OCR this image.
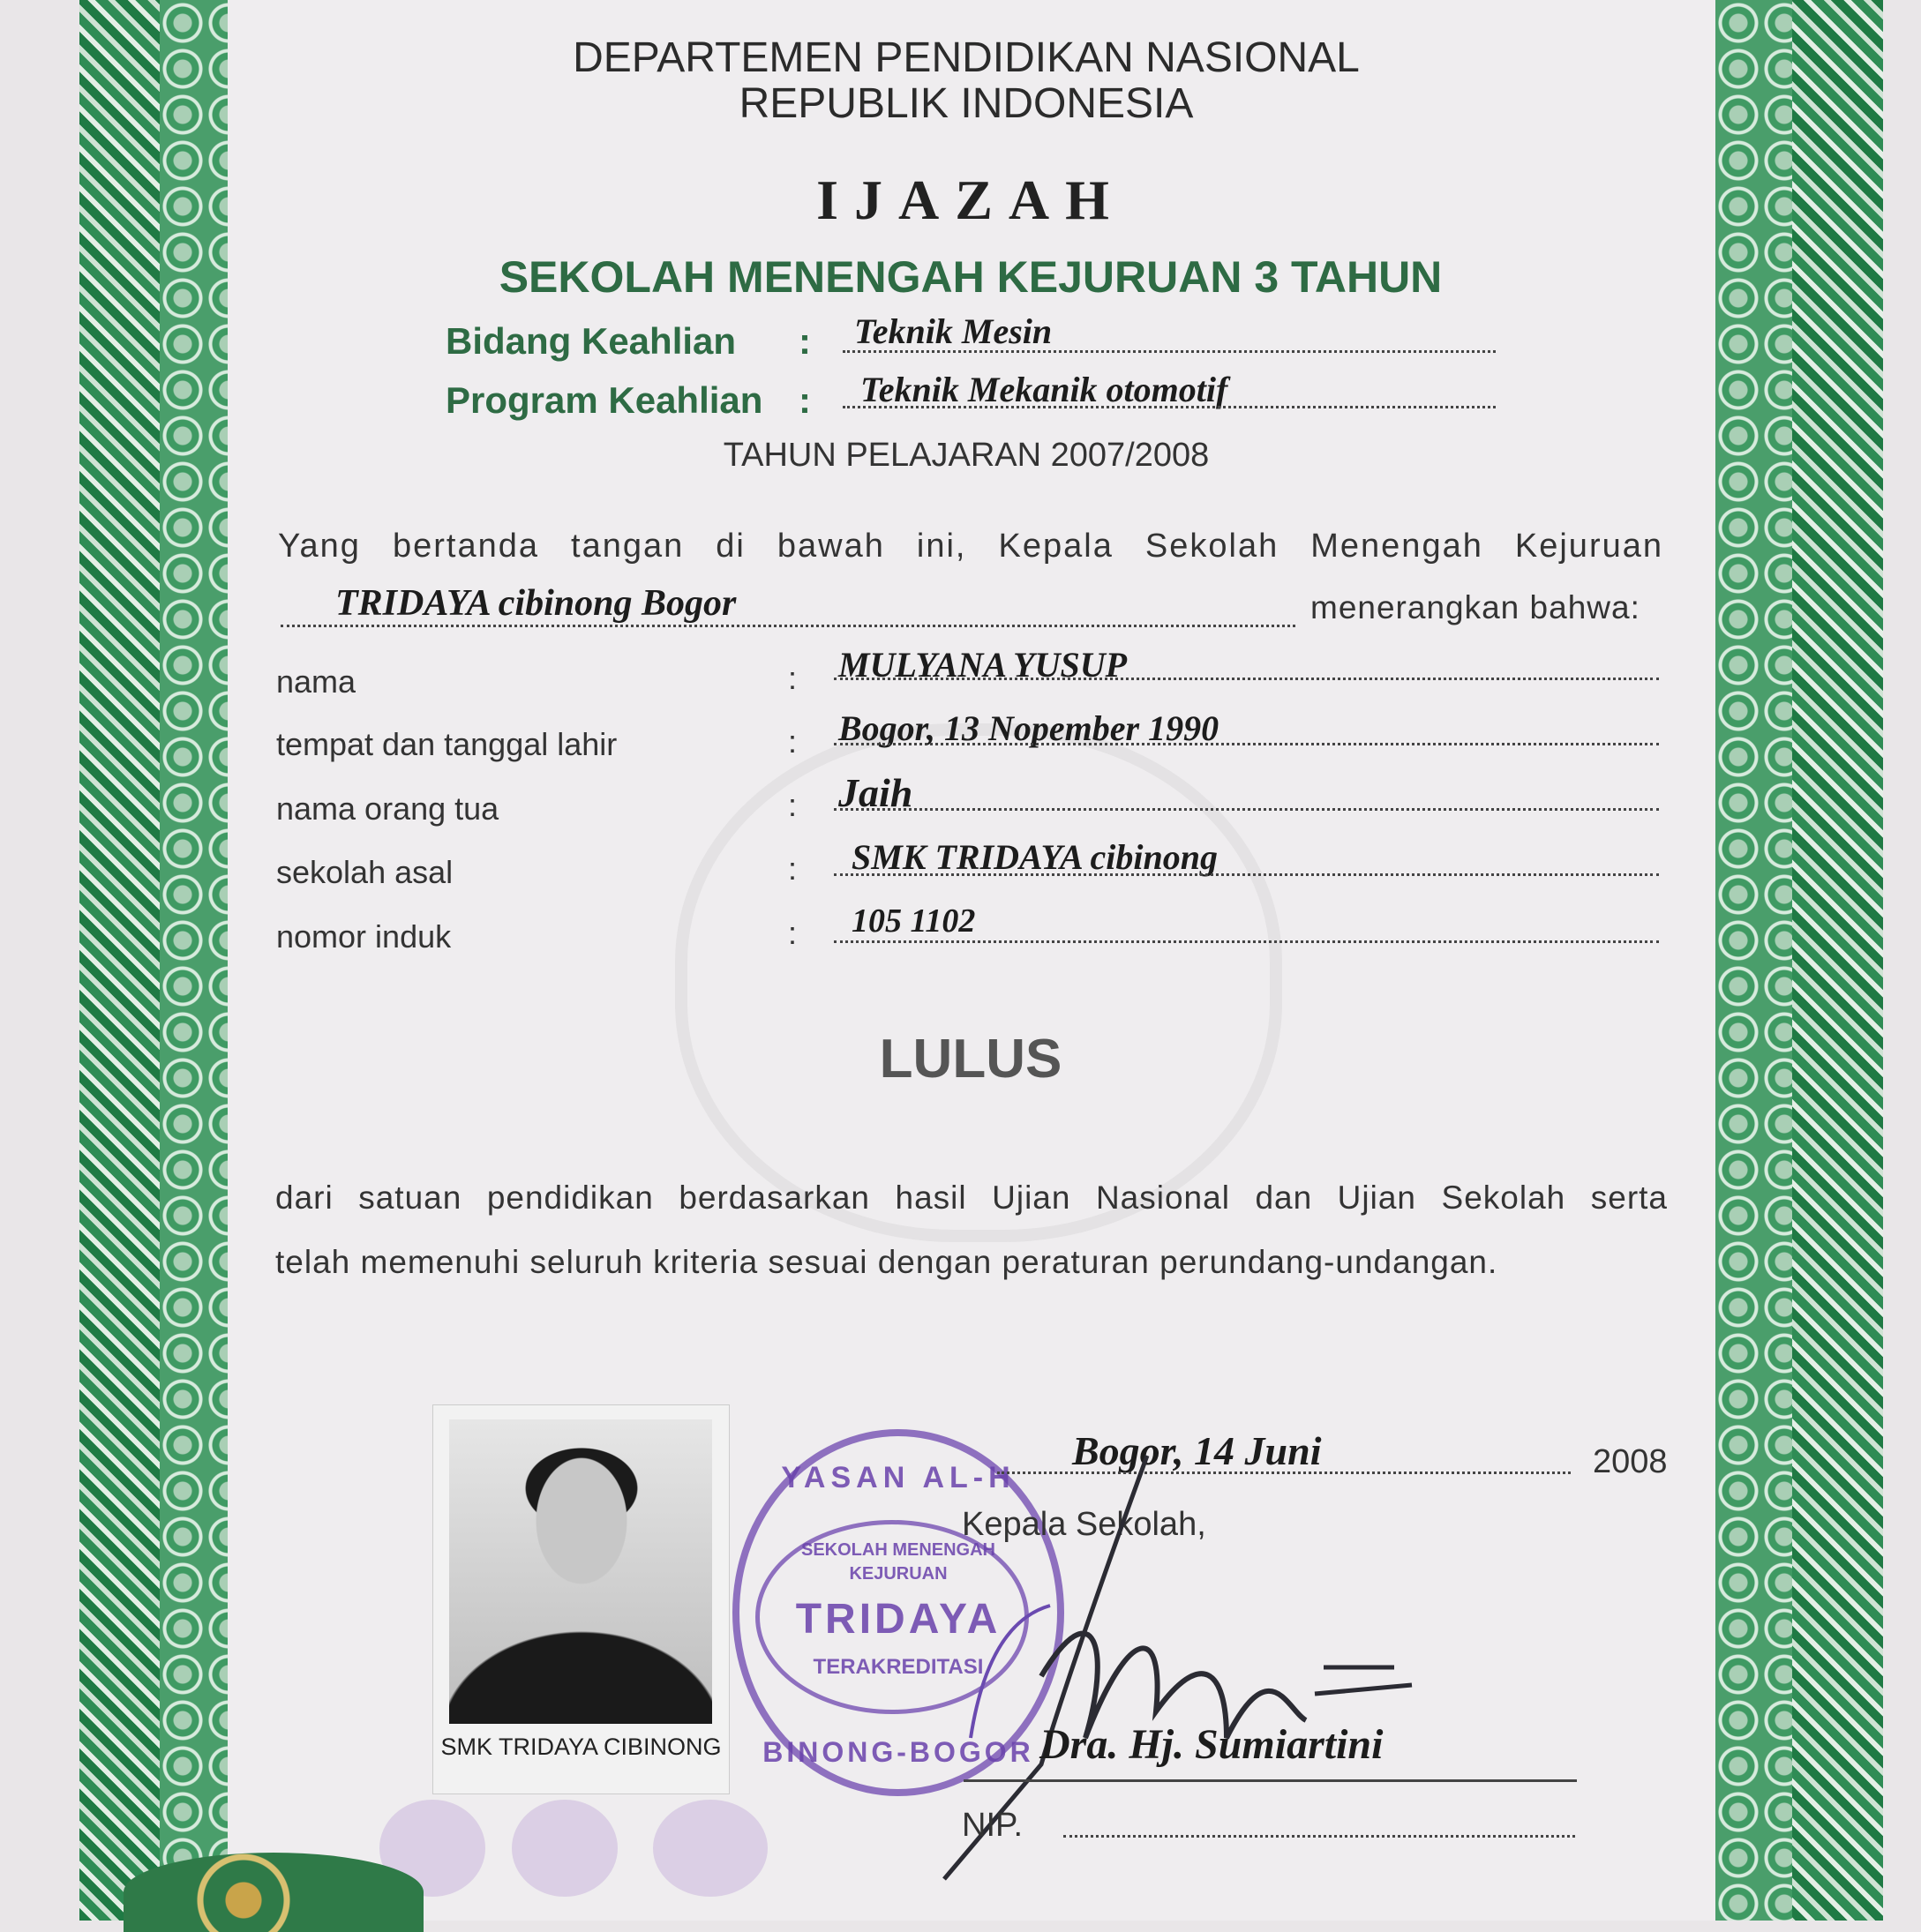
DEPARTEMEN PENDIDIKAN NASIONAL
REPUBLIK INDONESIA
IJAZAH
SEKOLAH MENENGAH KEJURUAN 3 TAHUN
Bidang Keahlian : Teknik Mesin
Program Keahlian : Teknik Mekanik otomotif
TAHUN PELAJARAN 2007/2008
Yang bertanda tangan di bawah ini, Kepala Sekolah Menengah Kejuruan
TRIDAYA cibinong Bogor	menerangkan bahwa:
nama	: MULYANA YUSUP
tempat dan tanggal lahir	: Bogor, 13 Nopember 1990
nama orang tua	: Jaih
sekolah asal	: SMK TRIDAYA cibinong
nomor induk	: 105 1102
LULUS
dari satuan pendidikan berdasarkan hasil Ujian Nasional dan Ujian Sekolah serta
telah memenuhi seluruh kriteria sesuai dengan peraturan perundang-undangan.
SMK TRIDAYA CIBINONG
YASAN AL-H
SEKOLAH MENENGAH
KEJURUAN
TRIDAYA
TERAKREDITASI
BINONG-BOGOR
Bogor, 14 Juni	2008
Kepala Sekolah,
Dra. Hj. Sumiartini
NIP.
